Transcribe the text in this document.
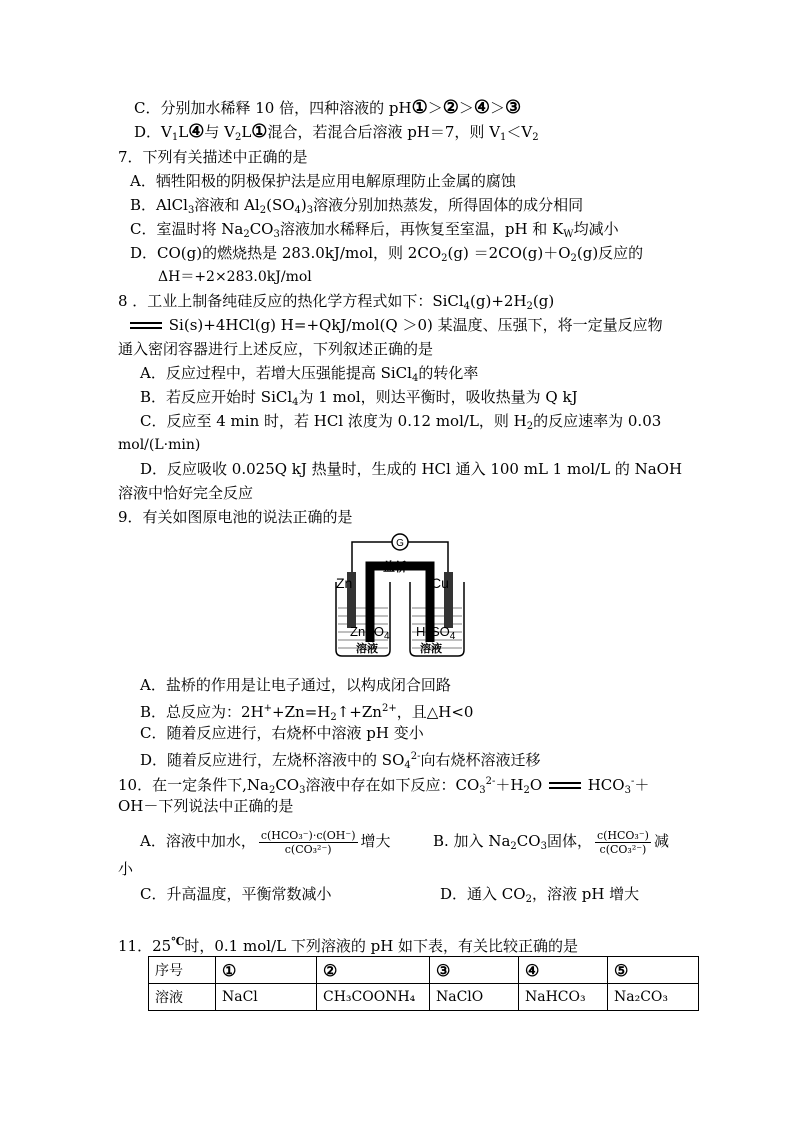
C．分别加水稀释 10 倍，四种溶液的 pH①＞②＞④＞③
D．$V_1L④$与 $V_2L①$混合，若混合后溶液 pH＝7，则 $V_1<V_2$
7．下列有关描述中正确的是
A．牺牲阳极的阴极保护法是应用电解原理防止金属的腐蚀
B．AlCl$_3$溶液和 $Al_2(SO_4)_3$溶液分别加热蒸发，所得固体的成分相同
C．室温时将 $Na_2CO_3$溶液加水稀释后，再恢复至室温，pH 和 $K_W$均减小
D．CO(g)的燃烧热是 283.0kJ/mol，则 $2CO_2(g) =2CO(g)+O_2(g)$反应的
ΔH＝+2×283.0kJ/mol
8 ．工业上制备纯硅反应的热化学方程式如下：$SiCl_4(g)+2H_2(g)$
Si(s)+4HCl(g) H=+QkJ/mol(Q ＞0) 某温度、压强下，将一定量反应物
通入密闭容器进行上述反应，下列叙述正确的是
A．反应过程中，若增大压强能提高 SiCl$_4$的转化率
B．若反应开始时 SiCl$_4$为 1 mol，则达平衡时，吸收热量为 Q kJ
C．反应至 4 min 时，若 HCl 浓度为 0.12 mol/L，则 $H_2$的反应速率为 0.03
mol/(L·min)
D．反应吸收 0.025Q kJ 热量时，生成的 HCl 通入 100 mL 1 mol/L 的 NaOH
溶液中恰好完全反应
9．有关如图原电池的说法正确的是
G
盐桥
Zn	Cu
ZnSO$_4$
溶液
$H_2SO_4$
溶液
A．盐桥的作用是让电子通过，以构成闭合回路
B．总反应为：$2H^++Zn=H_2↑+Zn^{2+}$，且△H<0
C．随着反应进行，右烧杯中溶液 pH 变小
D．随着反应进行，左烧杯溶液中的 $SO_4^{2-}$向右烧杯溶液迁移
10．在一定条件下$,Na_2CO_3$溶液中存在如下反应：$CO_3^{2-}+H_2O$	$HCO_3^-+$
OH－下列说法中正确的是
A．溶液中加水， $\frac{\text{c(HCO₃⁻)·c(OH⁻)}}{\text{c(CO₃²⁻)}}$ 增大	B. 加入 $Na_2CO_3$固体， $\frac{\text{c(HCO₃⁻)}}{\text{c(CO₃²⁻)}}$ 减
小
C．升高温度，平衡常数减小	D．通入 $CO_2$，溶液 pH 增大
11．25℃时，0.1 mol/L 下列溶液的 pH 如下表，有关比较正确的是
序号	①	②	③	④	⑤
溶液	NaCl	CH₃COONH₄	NaClO	NaHCO₃	Na₂CO₃
